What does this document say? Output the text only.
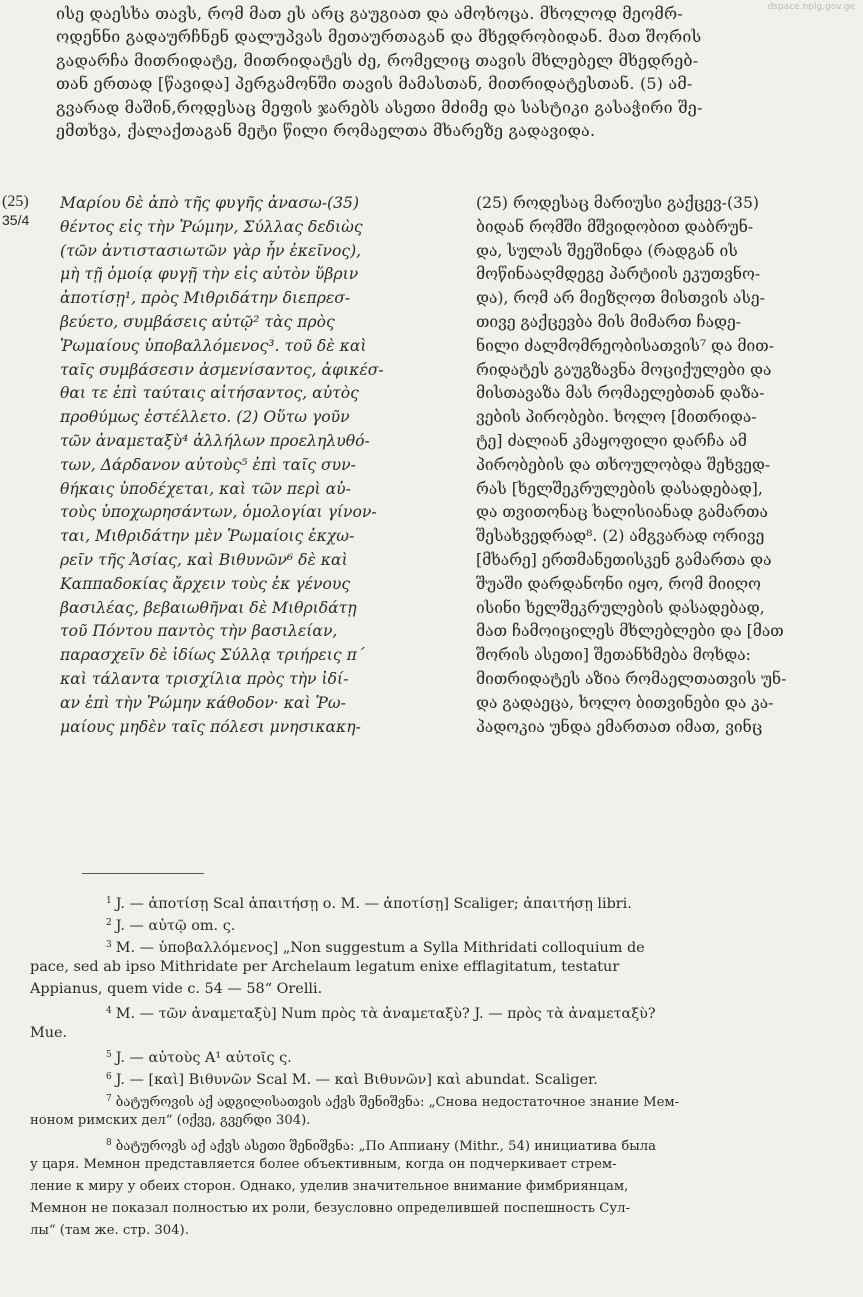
dspace.nplg.gov.ge
ისე დაესხა თავს, რომ მათ ეს არც გაუგიათ და ამოხოცა. მხოლოდ მეომრ-
ოდენნი გადაურჩნენ დალუპვას მეთაურთაგან და მხედრობიდან. მათ შორის
გადარჩა მითრიდატე, მითრიდატეს ძე, რომელიც თავის მხლებელ მხედრებ-
თან ერთად [წავიდა] პერგამონში თავის მამასთან, მითრიდატესთან. (5) ამ-
გვარად მაშინ,როდესაც მეფის ჯარებს ასეთი მძიმე და სასტიკი გასაჭირი შე-
ემთხვა, ქალაქთაგან მეტი წილი რომაელთა მხარეზე გადავიდა.
(25)
35/4
Μαρίου δὲ ἀπὸ τῆς φυγῆς ἀνασω-(35)
θέντος εἰς τὴν Ῥώμην, Σύλλας δεδιὼς
(τῶν ἀντιστασιωτῶν γὰρ ἦν ἐκεῖνος),
μὴ τῇ ὁμοίᾳ φυγῇ τὴν εἰς αὐτὸν ὕβριν
ἀποτίσῃ¹, πρὸς Μιθριδάτην διεπρεσ-
βεύετο, συμβάσεις αὐτῷ² τὰς πρὸς
Ῥωμαίους ὑποβαλλόμενος³. τοῦ δὲ καὶ
ταῖς συμβάσεσιν ἀσμενίσαντος, ἀφικέσ-
θαι τε ἐπὶ ταύταις αἰτήσαντος, αὐτὸς
προθύμως ἐστέλλετο. (2) Οὕτω γοῦν
τῶν ἀναμεταξὺ⁴ ἀλλήλων προεληλυθό-
των, Δάρδανον αὐτοὺς⁵ ἐπὶ ταῖς συν-
θήκαις ὑποδέχεται, καὶ τῶν περὶ αὐ-
τοὺς ὑποχωρησάντων, ὁμολογίαι γίνον-
ται, Μιθριδάτην μὲν Ῥωμαίοις ἐκχω-
ρεῖν τῆς Ἀσίας, καὶ Βιθυνῶν⁶ δὲ καὶ
Καππαδοκίας ἄρχειν τοὺς ἐκ γένους
βασιλέας, βεβαιωθῆναι δὲ Μιθριδάτῃ
τοῦ Πόντου παντὸς τὴν βασιλείαν,
παρασχεῖν δὲ ἰδίως Σύλλᾳ τριήρεις π΄
καὶ τάλαντα τρισχίλια πρὸς τὴν ἰδί-
αν ἐπὶ τὴν Ῥώμην κάθοδον· καὶ Ῥω-
μαίους μηδὲν ταῖς πόλεσι μνησικακη-
(25) როდესაც მარიუსი გაქცევ-(35)
ბიდან რომში მშვიდობით დაბრუნ-
და, სულას შეეშინდა (რადგან ის
მოწინააღმდეგე პარტიის ეკუთვნო-
და), რომ არ მიეზღოთ მისთვის ასე-
თივე გაქცევბა მის მიმართ ჩადე-
ნილი ძალმომრეობისათვის⁷ და მით-
რიდატეს გაუგზავნა მოციქულები და
მისთავაზა მას რომაელებთან დაზა-
ვების პირობები. ხოლო [მითრიდა-
ტე] ძალიან კმაყოფილი დარჩა ამ
პირობების და თხოულობდა შეხვედ-
რას [ხელშეკრულების დასადებად],
და თვითონაც ხალისიანად გამართა
შესახვედრად⁸. (2) ამგვარად ორივე
[მხარე] ერთმანეთისკენ გამართა და
შუაში დარდანონი იყო, რომ მიიღო
ისინი ხელშეკრულების დასადებად,
მათ ჩამოიცილეს მხლებლები და [მათ
შორის ასეთი] შეთანხმება მოხდა:
მითრიდატეს აზია რომაელთათვის უნ-
და გადაეცა, ხოლო ბითვინები და კა-
პადოკია უნდა ემართათ იმათ, ვინც
$^1$ J. — ἀποτίσῃ Scal ἀπαιτήσῃ ο. M. — ἀποτίσῃ] Scaliger; ἀπαιτήσῃ libri.
$^2$ J. — αὐτῷ om. ς.
$^3$ M. — ὑποβαλλόμενος] „Non suggestum a Sylla Mithridati colloquium de
pace, sed ab ipso Mithridate per Archelaum legatum enixe efflagitatum, testatur
Appianus, quem vide c. 54 — 58“ Orelli.
$^4$ M. — τῶν ἀναμεταξὺ] Num πρὸς τὰ ἀναμεταξὺ? J. — πρὸς τὰ ἀναμεταξὺ?
Mue.
$^5$ J. — αὐτοὺς A¹ αὐτοῖς ς.
$^6$ J. — [καὶ] Βιθυνῶν Scal M. — καὶ Βιθυνῶν] καὶ abundat. Scaliger.
$^7$ ბატუროვის აქ ადგილისათვის აქვს შენიშვნა: „Снова недостаточное знание Мем-
ноном римских дел“ (იქვე, გვერდი 304).
$^8$ ბატუროვს აქ აქვს ასეთი შენიშვნა: „По Аппиану (Mithr., 54) инициатива была
у царя. Мемнон представляется более объективным, когда он подчеркивает стрем-
ление к миру у обеих сторон. Однако, уделив значительное внимание фимбриянцам,
Мемнон не показал полностью их роли, безусловно определившей поспешность Сул-
лы“ (там же. стр. 304).
